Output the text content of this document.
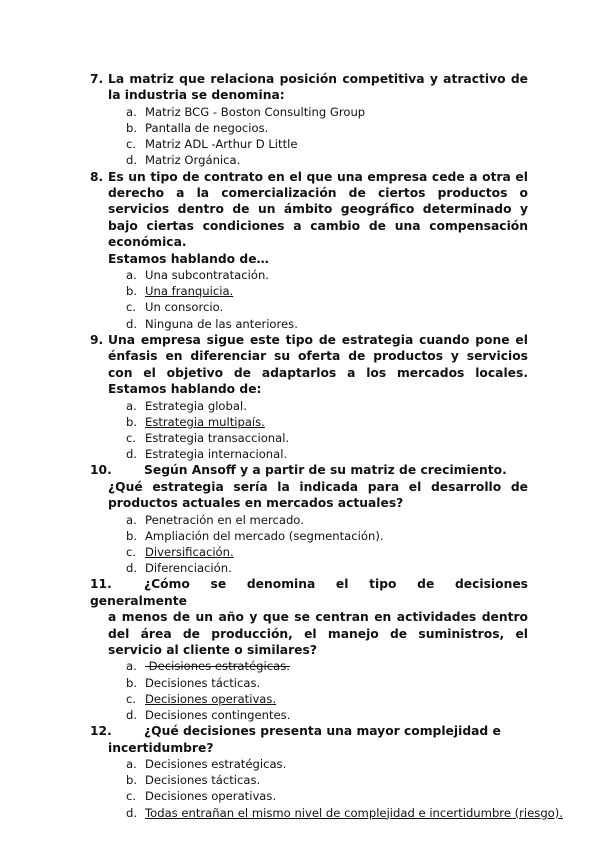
7. La matriz que relaciona posición competitiva y atractivo de la industria se denomina:

a. Matriz BCG - Boston Consulting Group
b. Pantalla de negocios.
c. Matriz ADL -Arthur D Little
d. Matriz Orgánica.

8. Es un tipo de contrato en el que una empresa cede a otra el derecho a la comercialización de ciertos productos o servicios dentro de un ámbito geográfico determinado y bajo ciertas condiciones a cambio de una compensación económica.
Estamos hablando de…

a. Una subcontratación.
b. Una franquicia.
c. Un consorcio.
d. Ninguna de las anteriores.

9. Una empresa sigue este tipo de estrategia cuando pone el énfasis en diferenciar su oferta de productos y servicios con el objetivo de adaptarlos a los mercados locales. Estamos hablando de:

a. Estrategia global.
b. Estrategia multipaís.
c. Estrategia transaccional.
d. Estrategia internacional.

10.	Según Ansoff y a partir de su matriz de crecimiento.
¿Qué estrategia sería la indicada para el desarrollo de productos actuales en mercados actuales?

a. Penetración en el mercado.
b. Ampliación del mercado (segmentación).
c. Diversificación.
d. Diferenciación.

11.	¿Cómo se denomina el tipo de decisiones generalmente
a menos de un año y que se centran en actividades dentro del área de producción, el manejo de suministros, el servicio al cliente o similares?

a. Decisiones estratégicas.
b. Decisiones tácticas.
c. Decisiones operativas.
d. Decisiones contingentes.

12.	¿Qué decisiones presenta una mayor complejidad e
incertidumbre?

a. Decisiones estratégicas.
b. Decisiones tácticas.
c. Decisiones operativas.
d. Todas entrañan el mismo nivel de complejidad e incertidumbre (riesgo).
